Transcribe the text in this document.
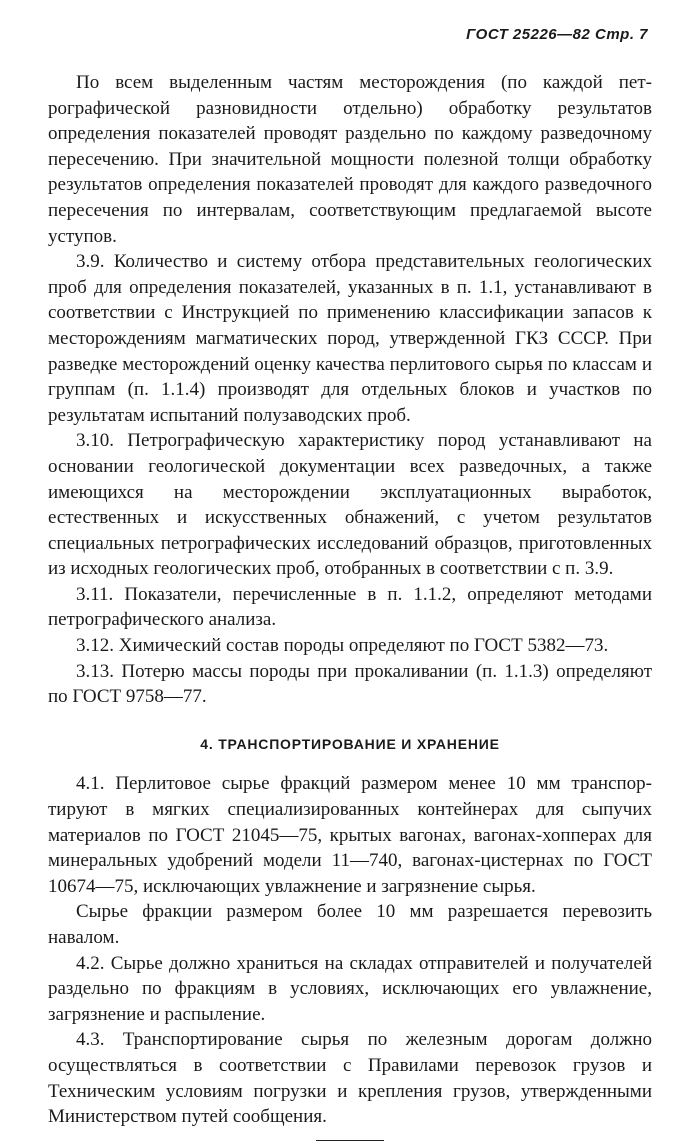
ГОСТ 25226—82 Стр. 7

По всем выделенным частям месторождения (по каждой петрографической разновидности отдельно) обработку результатов определения показателей проводят раздельно по каждому разведочному пересечению. При значительной мощности полезной толщи обработку результатов определения показателей проводят для каждого разведочного пересечения по интервалам, соответствующим предлагаемой высоте уступов.

3.9. Количество и систему отбора представительных геологических проб для определения показателей, указанных в п. 1.1, устанавливают в соответствии с Инструкцией по применению классификации запасов к месторождениям магматических пород, утвержденной ГКЗ СССР. При разведке месторождений оценку качества перлитового сырья по классам и группам (п. 1.1.4) производят для отдельных блоков и участков по результатам испытаний полузаводских проб.

3.10. Петрографическую характеристику пород устанавливают на основании геологической документации всех разведочных, а также имеющихся на месторождении эксплуатационных выработок, естественных и искусственных обнажений, с учетом результатов специальных петрографических исследований образцов, приготовленных из исходных геологических проб, отобранных в соответствии с п. 3.9.

3.11. Показатели, перечисленные в п. 1.1.2, определяют методами петрографического анализа.

3.12. Химический состав породы определяют по ГОСТ 5382—73.

3.13. Потерю массы породы при прокаливании (п. 1.1.3) определяют по ГОСТ 9758—77.

4. ТРАНСПОРТИРОВАНИЕ И ХРАНЕНИЕ

4.1. Перлитовое сырье фракций размером менее 10 мм транспортируют в мягких специализированных контейнерах для сыпучих материалов по ГОСТ 21045—75, крытых вагонах, вагонах-хопперах для минеральных удобрений модели 11—740, вагонах-цистернах по ГОСТ 10674—75, исключающих увлажнение и загрязнение сырья.

Сырье фракции размером более 10 мм разрешается перевозить навалом.

4.2. Сырье должно храниться на складах отправителей и получателей раздельно по фракциям в условиях, исключающих его увлажнение, загрязнение и распыление.

4.3. Транспортирование сырья по железным дорогам должно осуществляться в соответствии с Правилами перевозок грузов и Техническим условиям погрузки и крепления грузов, утвержденными Министерством путей сообщения.
